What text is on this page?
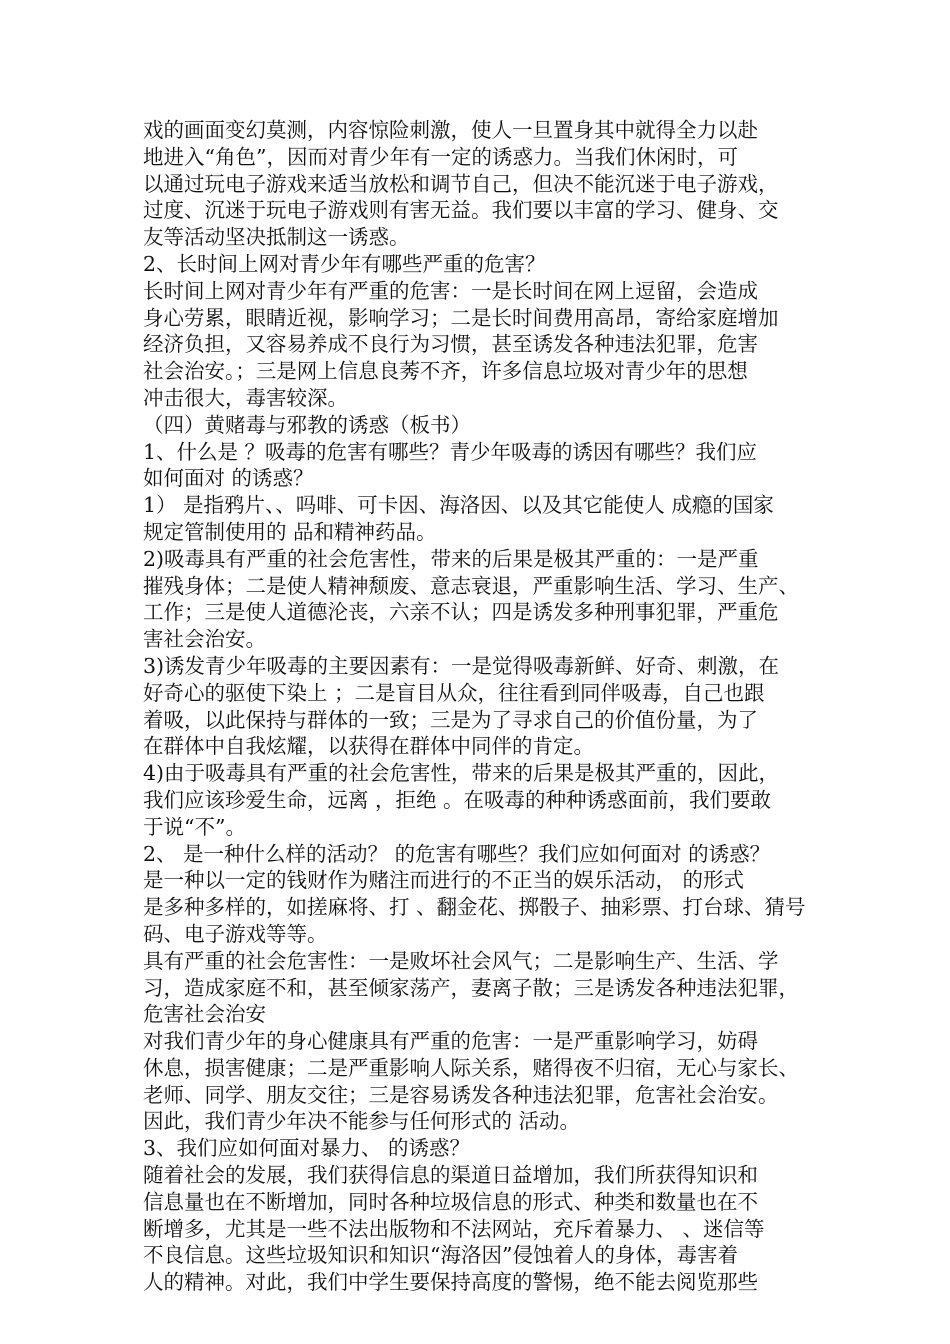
戏的画面变幻莫测，内容惊险刺激，使人一旦置身其中就得全力以赴
地进入“角色”，因而对青少年有一定的诱惑力。当我们休闲时，可
以通过玩电子游戏来适当放松和调节自己，但决不能沉迷于电子游戏，
过度、沉迷于玩电子游戏则有害无益。我们要以丰富的学习、健身、交
友等活动坚决抵制这一诱惑。
2、长时间上网对青少年有哪些严重的危害？
长时间上网对青少年有严重的危害：一是长时间在网上逗留，会造成
身心劳累，眼睛近视，影响学习；二是长时间费用高昂，寄给家庭增加
经济负担，又容易养成不良行为习惯，甚至诱发各种违法犯罪，危害
社会治安。；三是网上信息良莠不齐，许多信息垃圾对青少年的思想
冲击很大，毒害较深。
（四）黄赌毒与邪教的诱惑（板书）
1、什么是 ？吸毒的危害有哪些？青少年吸毒的诱因有哪些？我们应
如何面对 的诱惑？
1） 是指鸦片、、吗啡、可卡因、海洛因、以及其它能使人 成瘾的国家
规定管制使用的 品和精神药品。
2)吸毒具有严重的社会危害性，带来的后果是极其严重的：一是严重
摧残身体；二是使人精神颓废、意志衰退，严重影响生活、学习、生产、
工作；三是使人道德沦丧，六亲不认；四是诱发多种刑事犯罪，严重危
害社会治安。
3)诱发青少年吸毒的主要因素有：一是觉得吸毒新鲜、好奇、刺激，在
好奇心的驱使下染上 ；二是盲目从众，往往看到同伴吸毒，自己也跟
着吸，以此保持与群体的一致；三是为了寻求自己的价值份量，为了
在群体中自我炫耀，以获得在群体中同伴的肯定。
4)由于吸毒具有严重的社会危害性，带来的后果是极其严重的，因此，
我们应该珍爱生命，远离 ，拒绝 。在吸毒的种种诱惑面前，我们要敢
于说“不”。
2、 是一种什么样的活动？ 的危害有哪些？我们应如何面对 的诱惑？
是一种以一定的钱财作为赌注而进行的不正当的娱乐活动， 的形式
是多种多样的，如搓麻将、打 、翻金花、掷骰子、抽彩票、打台球、猜号
码、电子游戏等等。
具有严重的社会危害性：一是败坏社会风气；二是影响生产、生活、学
习，造成家庭不和，甚至倾家荡产，妻离子散；三是诱发各种违法犯罪，
危害社会治安
对我们青少年的身心健康具有严重的危害：一是严重影响学习，妨碍
休息，损害健康；二是严重影响人际关系，赌得夜不归宿，无心与家长、
老师、同学、朋友交往；三是容易诱发各种违法犯罪，危害社会治安。
因此，我们青少年决不能参与任何形式的 活动。
3、我们应如何面对暴力、 的诱惑？
随着社会的发展，我们获得信息的渠道日益增加，我们所获得知识和
信息量也在不断增加，同时各种垃圾信息的形式、种类和数量也在不
断增多，尤其是一些不法出版物和不法网站，充斥着暴力、 、迷信等
不良信息。这些垃圾知识和知识“海洛因”侵蚀着人的身体，毒害着
人的精神。对此，我们中学生要保持高度的警惕，绝不能去阅览那些
